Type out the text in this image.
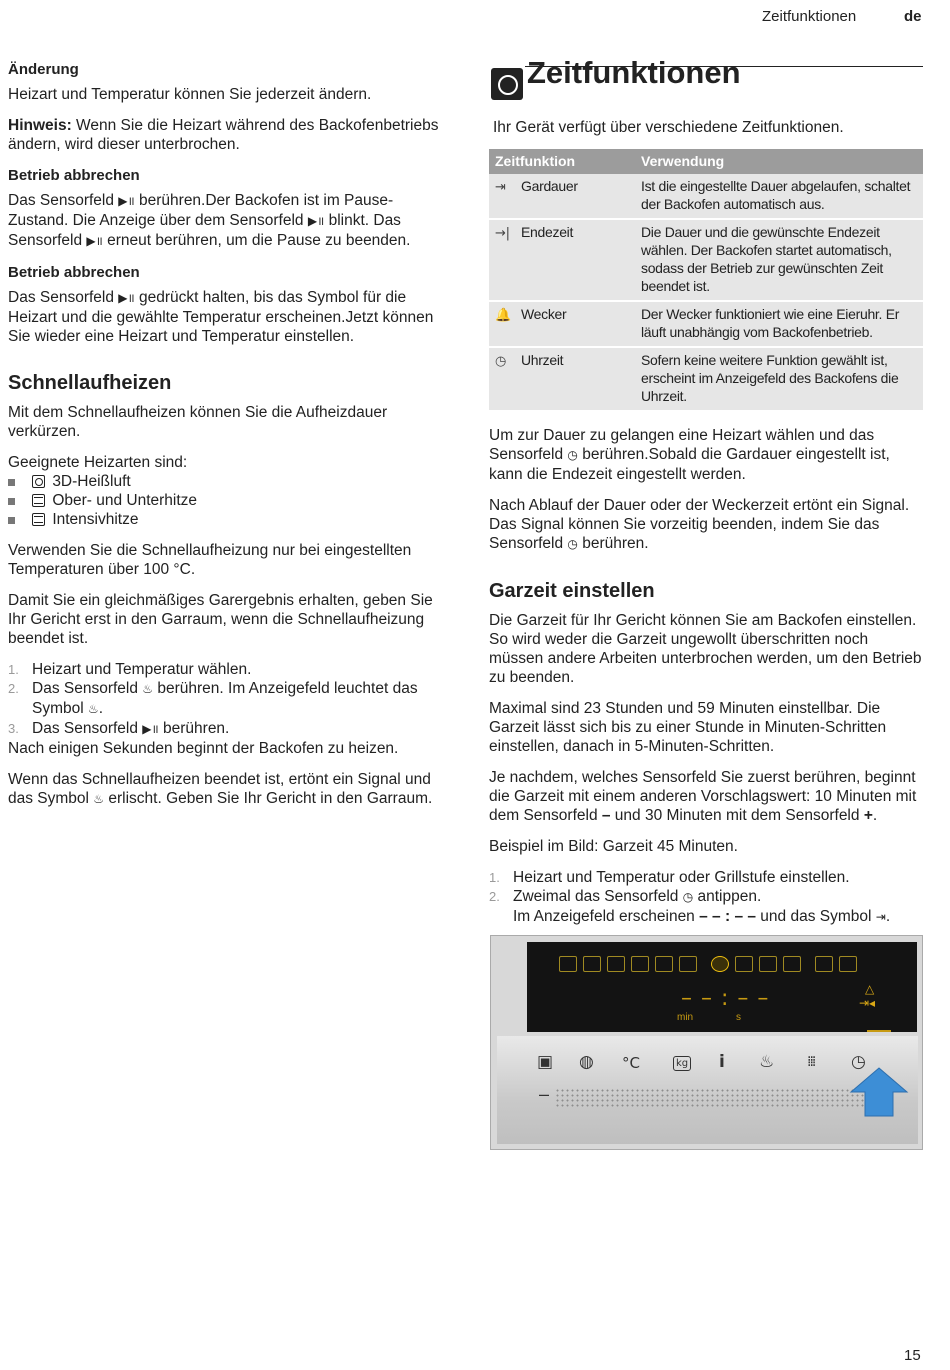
Zeitfunktionen	de
Änderung

Heizart und Temperatur können Sie jederzeit ändern.

Hinweis: Wenn Sie die Heizart während des Backofenbetriebs ändern, wird dieser unterbrochen.

Betrieb abbrechen

Das Sensorfeld ▶॥ berühren.Der Backofen ist im Pause-Zustand. Die Anzeige über dem Sensorfeld ▶॥ blinkt. Das Sensorfeld ▶॥ erneut berühren, um die Pause zu beenden.

Betrieb abbrechen

Das Sensorfeld ▶॥ gedrückt halten, bis das Symbol für die Heizart und die gewählte Temperatur erscheinen.Jetzt können Sie wieder eine Heizart und Temperatur einstellen.

Schnellaufheizen

Mit dem Schnellaufheizen können Sie die Aufheizdauer verkürzen.

Geeignete Heizarten sind:
3D-Heißluft
Ober- und Unterhitze
Intensivhitze

Verwenden Sie die Schnellaufheizung nur bei eingestellten Temperaturen über 100 °C.

Damit Sie ein gleichmäßiges Garergebnis erhalten, geben Sie Ihr Gericht erst in den Garraum, wenn die Schnellaufheizung beendet ist.

1. Heizart und Temperatur wählen.
2. Das Sensorfeld ♨ berühren. Im Anzeigefeld leuchtet das Symbol ♨.
3. Das Sensorfeld ▶॥ berühren.

Nach einigen Sekunden beginnt der Backofen zu heizen.

Wenn das Schnellaufheizen beendet ist, ertönt ein Signal und das Symbol ♨ erlischt. Geben Sie Ihr Gericht in den Garraum.

Zeitfunktionen

Ihr Gerät verfügt über verschiedene Zeitfunktionen.

Zeitfunktion	Verwendung
⇥ Gardauer	Ist die eingestellte Dauer abgelaufen, schaltet der Backofen automatisch aus.
→| Endezeit	Die Dauer und die gewünschte Endezeit wählen. Der Backofen startet automatisch, sodass der Betrieb zur gewünschten Zeit beendet ist.
🔔 Wecker	Der Wecker funktioniert wie eine Eieruhr. Er läuft unabhängig vom Backofenbetrieb.
◷ Uhrzeit	Sofern keine weitere Funktion gewählt ist, erscheint im Anzeigefeld des Backofens die Uhrzeit.

Um zur Dauer zu gelangen eine Heizart wählen und das Sensorfeld ◷ berühren.Sobald die Gardauer eingestellt ist, kann die Endezeit eingestellt werden.

Nach Ablauf der Dauer oder der Weckerzeit ertönt ein Signal. Das Signal können Sie vorzeitig beenden, indem Sie das Sensorfeld ◷ berühren.

Garzeit einstellen

Die Garzeit für Ihr Gericht können Sie am Backofen einstellen. So wird weder die Garzeit ungewollt überschritten noch müssen andere Arbeiten unterbrochen werden, um den Betrieb zu beenden.

Maximal sind 23 Stunden und 59 Minuten einstellbar. Die Garzeit lässt sich bis zu einer Stunde in Minuten-Schritten einstellen, danach in 5-Minuten-Schritten.

Je nachdem, welches Sensorfeld Sie zuerst berühren, beginnt die Garzeit mit einem anderen Vorschlagswert: 10 Minuten mit dem Sensorfeld – und 30 Minuten mit dem Sensorfeld +.

Beispiel im Bild: Garzeit 45 Minuten.

1. Heizart und Temperatur oder Grillstufe einstellen.
2. Zweimal das Sensorfeld ◷ antippen.
Im Anzeigefeld erscheinen – – : – – und das Symbol ⇥.
– – : – –
min	s
△
⇥◂
▣ ◍ °C	kg i ♨ ⁞⁞⁞ ◷
–
15
